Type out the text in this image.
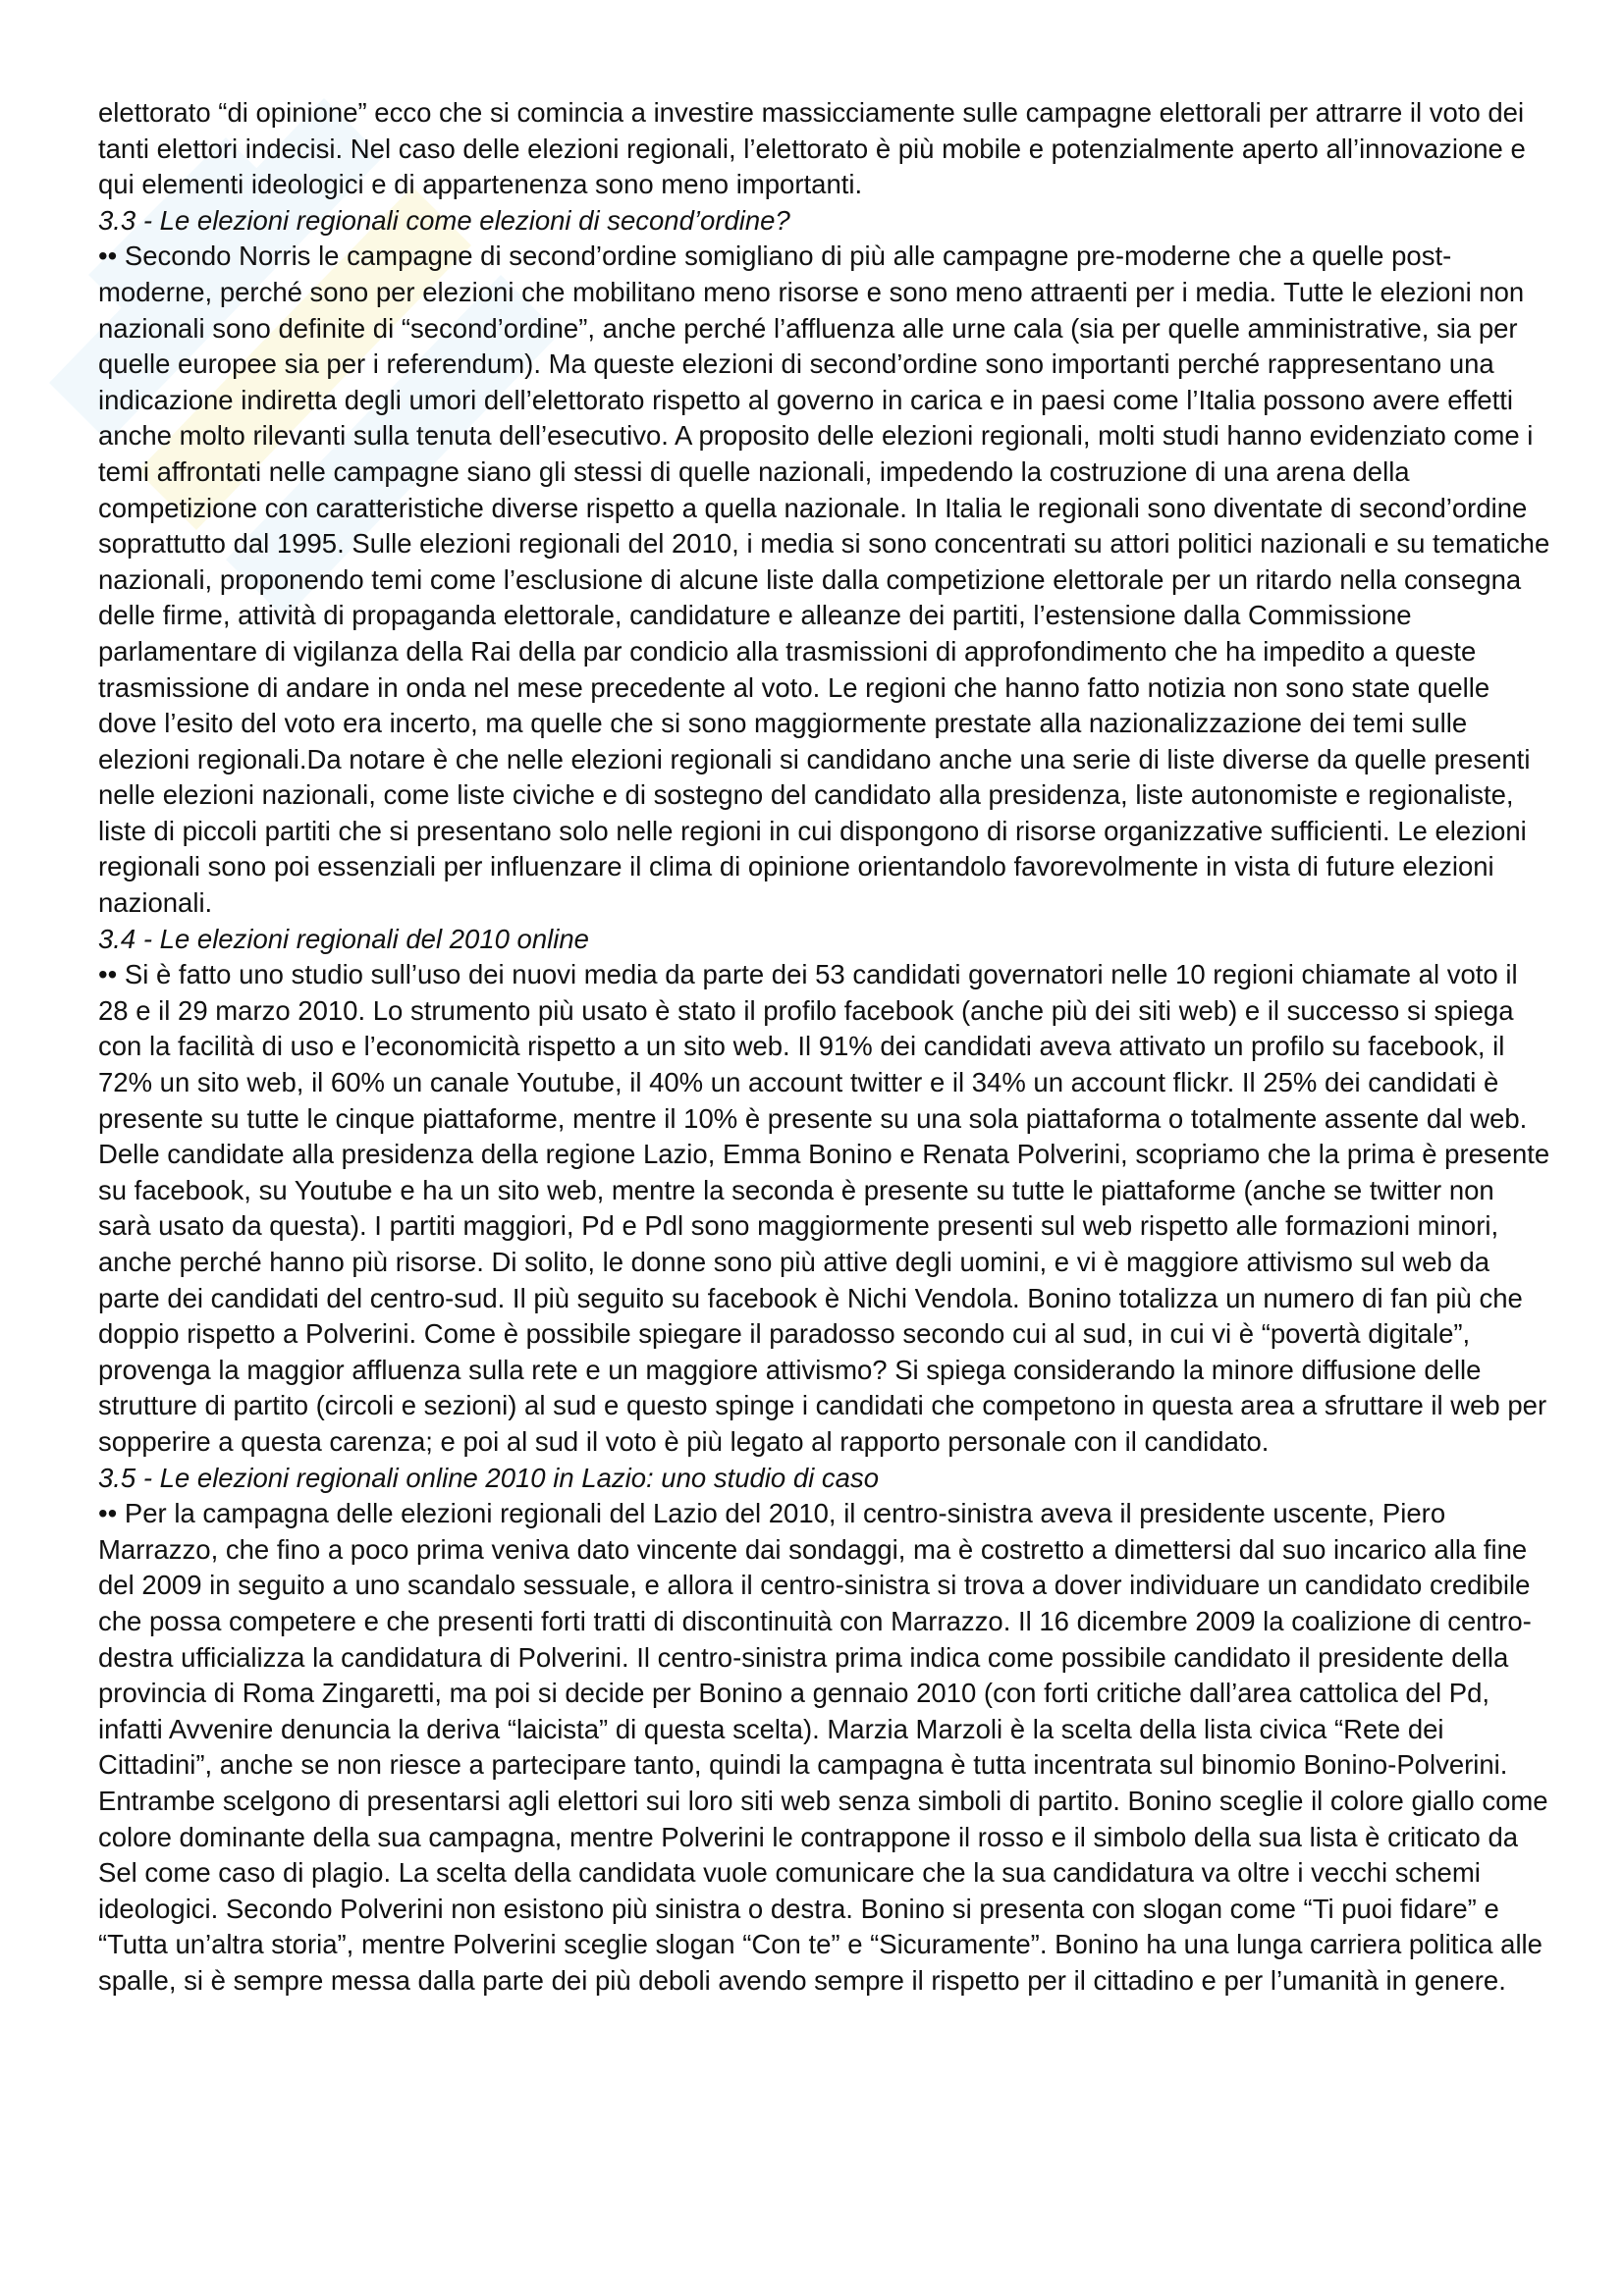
elettorato “di opinione” ecco che si comincia a investire massicciamente sulle campagne elettorali per attrarre il voto dei tanti elettori indecisi. Nel caso delle elezioni regionali, l’elettorato è più mobile e potenzialmente aperto all’innovazione e qui elementi ideologici e di appartenenza sono meno importanti.

3.3 - Le elezioni regionali come elezioni di second’ordine?

•• Secondo Norris le campagne di second’ordine somigliano di più alle campagne pre-moderne che a quelle post-moderne, perché sono per elezioni che mobilitano meno risorse e sono meno attraenti per i media. Tutte le elezioni non nazionali sono definite di “second’ordine”, anche perché l’affluenza alle urne cala (sia per quelle amministrative, sia per quelle europee sia per i referendum). Ma queste elezioni di second’ordine sono importanti perché rappresentano una indicazione indiretta degli umori dell’elettorato rispetto al governo in carica e in paesi come l’Italia possono avere effetti anche molto rilevanti sulla tenuta dell’esecutivo. A proposito delle elezioni regionali, molti studi hanno evidenziato come i temi affrontati nelle campagne siano gli stessi di quelle nazionali, impedendo la costruzione di una arena della competizione con caratteristiche diverse rispetto a quella nazionale. In Italia le regionali sono diventate di second’ordine soprattutto dal 1995. Sulle elezioni regionali del 2010, i media si sono concentrati su attori politici nazionali e su tematiche nazionali, proponendo temi come l’esclusione di alcune liste dalla competizione elettorale per un ritardo nella consegna delle firme, attività di propaganda elettorale, candidature e alleanze dei partiti, l’estensione dalla Commissione parlamentare di vigilanza della Rai della par condicio alla trasmissioni di approfondimento che ha impedito a queste trasmissione di andare in onda nel mese precedente al voto. Le regioni che hanno fatto notizia non sono state quelle dove l’esito del voto era incerto, ma quelle che si sono maggiormente prestate alla nazionalizzazione dei temi sulle elezioni regionali.Da notare è che nelle elezioni regionali si candidano anche una serie di liste diverse da quelle presenti nelle elezioni nazionali, come liste civiche e di sostegno del candidato alla presidenza, liste autonomiste e regionaliste, liste di piccoli partiti che si presentano solo nelle regioni in cui dispongono di risorse organizzative sufficienti. Le elezioni regionali sono poi essenziali per influenzare il clima di opinione orientandolo favorevolmente in vista di future elezioni nazionali.

3.4 - Le elezioni regionali del 2010 online

•• Si è fatto uno studio sull’uso dei nuovi media da parte dei 53 candidati governatori nelle 10 regioni chiamate al voto il 28 e il 29 marzo 2010. Lo strumento più usato è stato il profilo facebook (anche più dei siti web) e il successo si spiega con la facilità di uso e l’economicità rispetto a un sito web. Il 91% dei candidati aveva attivato un profilo su facebook, il 72% un sito web, il 60% un canale Youtube, il 40% un account twitter e il 34% un account flickr. Il 25% dei candidati è presente su tutte le cinque piattaforme, mentre il 10% è presente su una sola piattaforma o totalmente assente dal web. Delle candidate alla presidenza della regione Lazio, Emma Bonino e Renata Polverini, scopriamo che la prima è presente su facebook, su Youtube e ha un sito web, mentre la seconda è presente su tutte le piattaforme (anche se twitter non sarà usato da questa). I partiti maggiori, Pd e Pdl sono maggiormente presenti sul web rispetto alle formazioni minori, anche perché hanno più risorse. Di solito, le donne sono più attive degli uomini, e vi è maggiore attivismo sul web da parte dei candidati del centro-sud. Il più seguito su facebook è Nichi Vendola. Bonino totalizza un numero di fan più che doppio rispetto a Polverini. Come è possibile spiegare il paradosso secondo cui al sud, in cui vi è “povertà digitale”, provenga la maggior affluenza sulla rete e un maggiore attivismo? Si spiega considerando la minore diffusione delle strutture di partito (circoli e sezioni) al sud e questo spinge i candidati che competono in questa area a sfruttare il web per sopperire a questa carenza; e poi al sud il voto è più legato al rapporto personale con il candidato.

3.5 - Le elezioni regionali online 2010 in Lazio: uno studio di caso

•• Per la campagna delle elezioni regionali del Lazio del 2010, il centro-sinistra aveva il presidente uscente, Piero Marrazzo, che fino a poco prima veniva dato vincente dai sondaggi, ma è costretto a dimettersi dal suo incarico alla fine del 2009 in seguito a uno scandalo sessuale, e allora il centro-sinistra si trova a dover individuare un candidato credibile che possa competere e che presenti forti tratti di discontinuità con Marrazzo. Il 16 dicembre 2009 la coalizione di centro-destra ufficializza la candidatura di Polverini. Il centro-sinistra prima indica come possibile candidato il presidente della provincia di Roma Zingaretti, ma poi si decide per Bonino a gennaio 2010 (con forti critiche dall’area cattolica del Pd, infatti Avvenire denuncia la deriva “laicista” di questa scelta). Marzia Marzoli è la scelta della lista civica “Rete dei Cittadini”, anche se non riesce a partecipare tanto, quindi la campagna è tutta incentrata sul binomio Bonino-Polverini. Entrambe scelgono di presentarsi agli elettori sui loro siti web senza simboli di partito. Bonino sceglie il colore giallo come colore dominante della sua campagna, mentre Polverini le contrappone il rosso e il simbolo della sua lista è criticato da Sel come caso di plagio. La scelta della candidata vuole comunicare che la sua candidatura va oltre i vecchi schemi ideologici. Secondo Polverini non esistono più sinistra o destra. Bonino si presenta con slogan come “Ti puoi fidare” e “Tutta un’altra storia”, mentre Polverini sceglie slogan “Con te” e “Sicuramente”. Bonino ha una lunga carriera politica alle spalle, si è sempre messa dalla parte dei più deboli avendo sempre il rispetto per il cittadino e per l’umanità in genere.
